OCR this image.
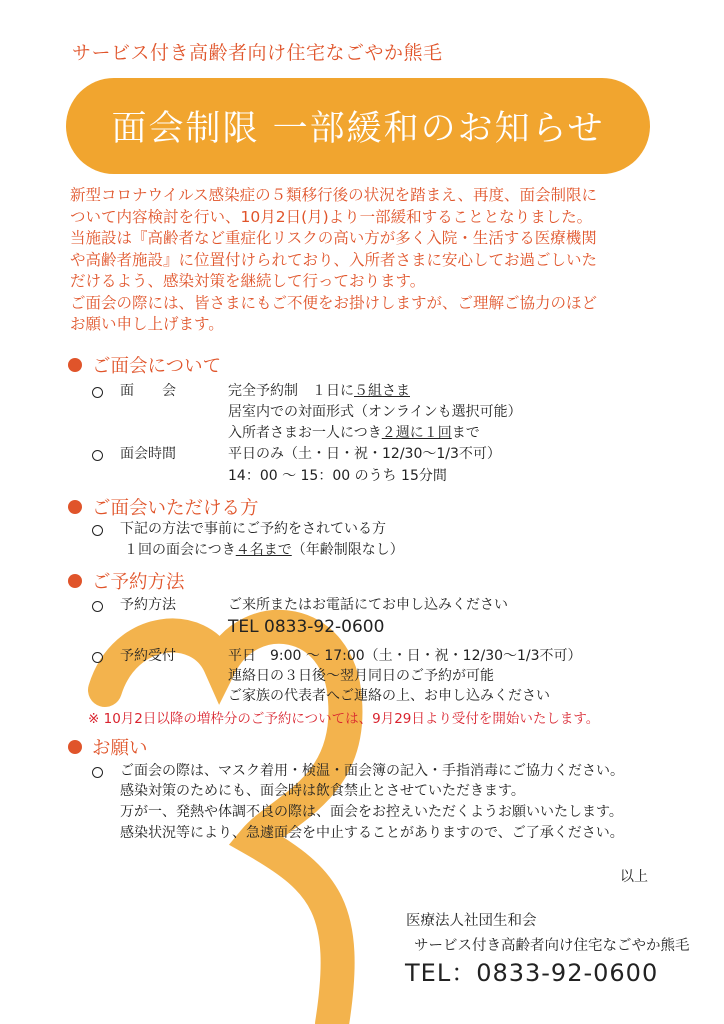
サービス付き高齢者向け住宅なごやか熊毛
面会制限 一部緩和のお知らせ

新型コロナウイルス感染症の５類移行後の状況を踏まえ、再度、面会制限に

ついて内容検討を行い、10月2日(月)より一部緩和することとなりました。

当施設は『高齢者など重症化リスクの高い方が多く入院・生活する医療機関

や高齢者施設』に位置付けられており、入所者さまに安心してお過ごしいた

だけるよう、感染対策を継続して行っております。

ご面会の際には、皆さまにもご不便をお掛けしますが、ご理解ご協力のほど

お願い申し上げます。

ご面会について
面　　会	完全予約制　１日に５組さま
居室内での対面形式（オンラインも選択可能）
入所者さまお一人につき２週に１回まで
面会時間	平日のみ（土・日・祝・12/30～1/3不可）
14：00 ～ 15：00 のうち 15分間
ご面会いただける方
下記の方法で事前にご予約をされている方
１回の面会につき４名まで（年齢制限なし）
ご予約方法
予約方法	ご来所またはお電話にてお申し込みください
TEL 0833-92-0600
予約受付	平日　9:00 ～ 17:00（土・日・祝・12/30～1/3不可）
連絡日の３日後～翌月同日のご予約が可能
ご家族の代表者へご連絡の上、お申し込みください
※ 10月2日以降の増枠分のご予約については、9月29日より受付を開始いたします。
お願い
ご面会の際は、マスク着用・検温・面会簿の記入・手指消毒にご協力ください。
感染対策のためにも、面会時は飲食禁止とさせていただきます。
万が一、発熱や体調不良の際は、面会をお控えいただくようお願いいたします。
感染状況等により、急遽面会を中止することがありますので、ご了承ください。
以上
医療法人社団生和会
サービス付き高齢者向け住宅なごやか熊毛
TEL：0833-92-0600
